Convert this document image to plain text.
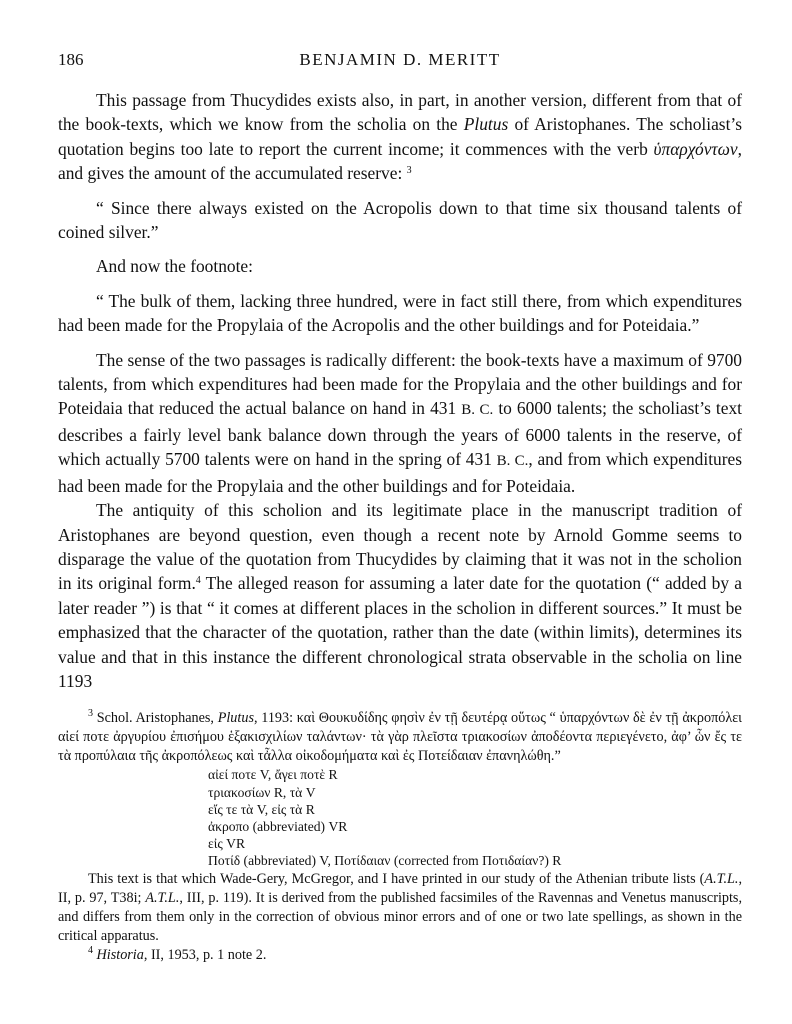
186	BENJAMIN D. MERITT

This passage from Thucydides exists also, in part, in another version, different from that of the book-texts, which we know from the scholia on the Plutus of Aristophanes. The scholiast’s quotation begins too late to report the current income; it commences with the verb ὑπαρχόντων, and gives the amount of the accumulated reserve: $^3$

“ Since there always existed on the Acropolis down to that time six thousand talents of coined silver.”

And now the footnote:

“ The bulk of them, lacking three hundred, were in fact still there, from which expenditures had been made for the Propylaia of the Acropolis and the other buildings and for Poteidaia.”

The sense of the two passages is radically different: the book-texts have a maximum of 9700 talents, from which expenditures had been made for the Propylaia and the other buildings and for Poteidaia that reduced the actual balance on hand in 431 B. C. to 6000 talents; the scholiast’s text describes a fairly level bank balance down through the years of 6000 talents in the reserve, of which actually 5700 talents were on hand in the spring of 431 B. C., and from which expenditures had been made for the Propylaia and the other buildings and for Poteidaia.

The antiquity of this scholion and its legitimate place in the manuscript tradition of Aristophanes are beyond question, even though a recent note by Arnold Gomme seems to disparage the value of the quotation from Thucydides by claiming that it was not in the scholion in its original form.$^4$ The alleged reason for assuming a later date for the quotation (“ added by a later reader ”) is that “ it comes at different places in the scholion in different sources.” It must be emphasized that the character of the quotation, rather than the date (within limits), determines its value and that in this instance the different chronological strata observable in the scholia on line 1193

$^3$ Schol. Aristophanes, Plutus, 1193: καὶ Θουκυδίδης φησὶν ἐν τῇ δευτέρᾳ οὕτως “ ὑπαρχόντων δὲ ἐν τῇ ἀκροπόλει αἰεί ποτε ἀργυρίου ἐπισήμου ἑξακισχιλίων ταλάντων· τὰ γὰρ πλεῖστα τριακοσίων ἀποδέοντα περιεγένετο, ἀφ’ ὧν ἔς τε τὰ προπύλαια τῆς ἀκροπόλεως καὶ τἆλλα οἰκοδομήματα καὶ ἐς Ποτείδαιαν ἐπανηλώθη.”

αἰεί ποτε V, ἄγει ποτὲ R
τριακοσίων R, τὰ V
εἴς τε τὰ V, εἰς τὰ R
ἀκροπο (abbreviated) VR
εἰς VR
Ποτίδ (abbreviated) V, Ποτίδαιαν (corrected from Ποτιδαίαν?) R

This text is that which Wade-Gery, McGregor, and I have printed in our study of the Athenian tribute lists (A.T.L., II, p. 97, T38i; A.T.L., III, p. 119). It is derived from the published facsimiles of the Ravennas and Venetus manuscripts, and differs from them only in the correction of obvious minor errors and of one or two late spellings, as shown in the critical apparatus.

$^4$ Historia, II, 1953, p. 1 note 2.
